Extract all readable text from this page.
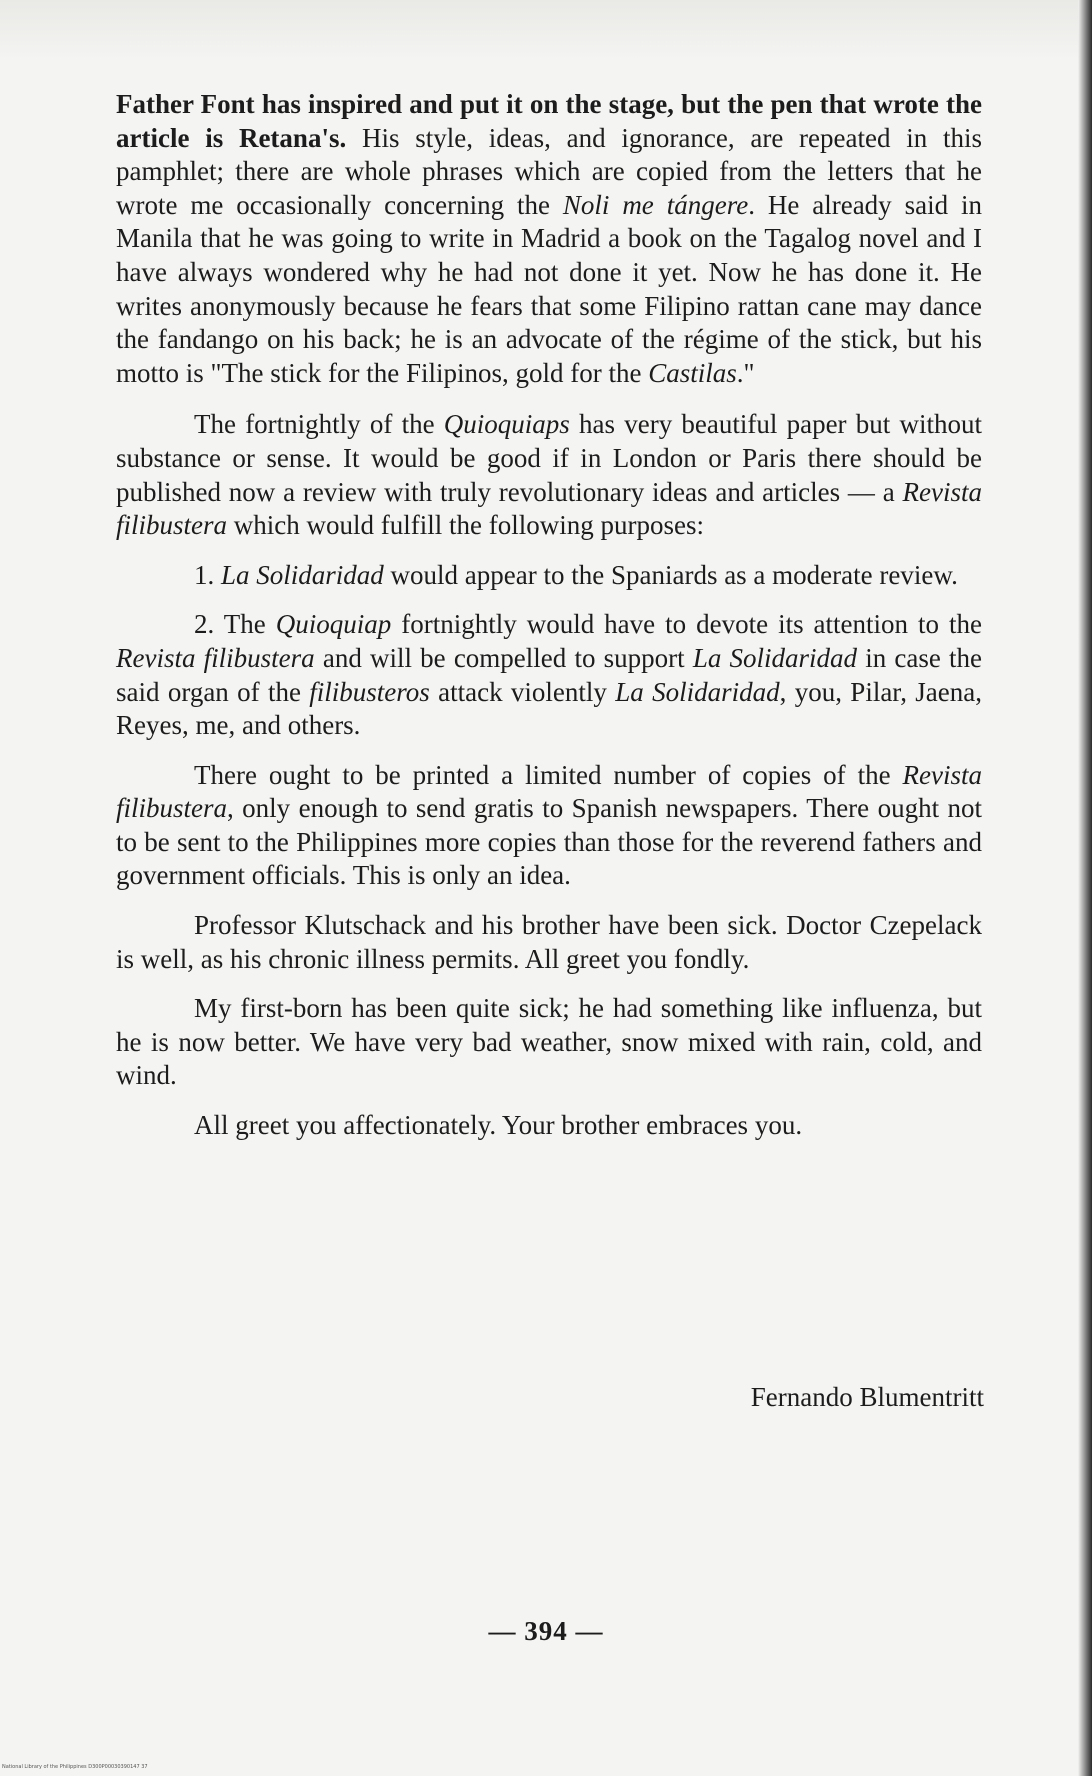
Father Font has inspired and put it on the stage, but the pen that wrote the article is Retana's. His style, ideas, and ignorance, are repeated in this pamphlet; there are whole phrases which are copied from the letters that he wrote me occasionally concerning the Noli me tángere. He already said in Manila that he was going to write in Madrid a book on the Tagalog novel and I have always wondered why he had not done it yet. Now he has done it. He writes anonymously because he fears that some Filipino rattan cane may dance the fandango on his back; he is an advocate of the régime of the stick, but his motto is "The stick for the Filipinos, gold for the Castilas."

The fortnightly of the Quioquiaps has very beautiful paper but without substance or sense. It would be good if in London or Paris there should be published now a review with truly revolutionary ideas and articles — a Revista filibustera which would fulfill the following purposes:

1. La Solidaridad would appear to the Spaniards as a moderate review.

2. The Quioquiap fortnightly would have to devote its attention to the Revista filibustera and will be compelled to support La Solidaridad in case the said organ of the filibusteros attack violently La Solidaridad, you, Pilar, Jaena, Reyes, me, and others.

There ought to be printed a limited number of copies of the Revista filibustera, only enough to send gratis to Spanish newspapers. There ought not to be sent to the Philippines more copies than those for the reverend fathers and government officials. This is only an idea.

Professor Klutschack and his brother have been sick. Doctor Czepelack is well, as his chronic illness permits. All greet you fondly.

My first-born has been quite sick; he had something like influenza, but he is now better. We have very bad weather, snow mixed with rain, cold, and wind.

All greet you affectionately. Your brother embraces you.

Fernando Blumentritt
— 394 —
National Library of the Philippines D300P00030390147 37
